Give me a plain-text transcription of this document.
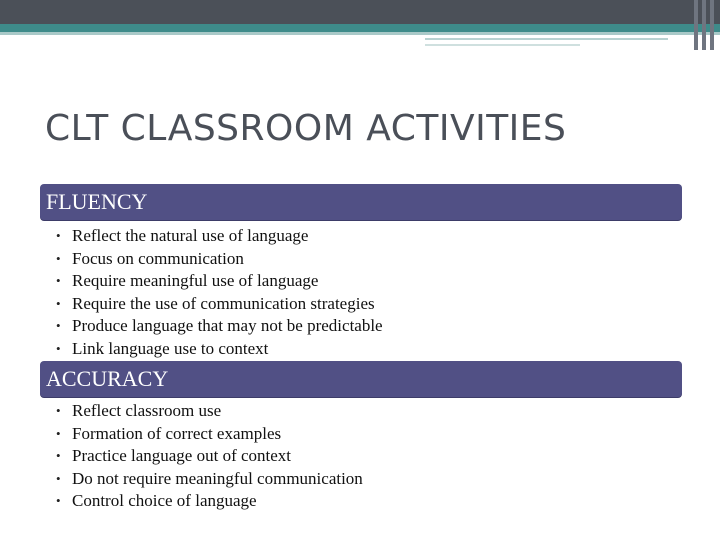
CLT CLASSROOM ACTIVITIES
FLUENCY
• Reflect the natural use of language
• Focus on communication
• Require meaningful use of language
• Require the use of communication strategies
• Produce language that may not be predictable
• Link language use to context
ACCURACY
• Reflect classroom use
• Formation of correct examples
• Practice language out of context
• Do not require meaningful communication
• Control choice of language
